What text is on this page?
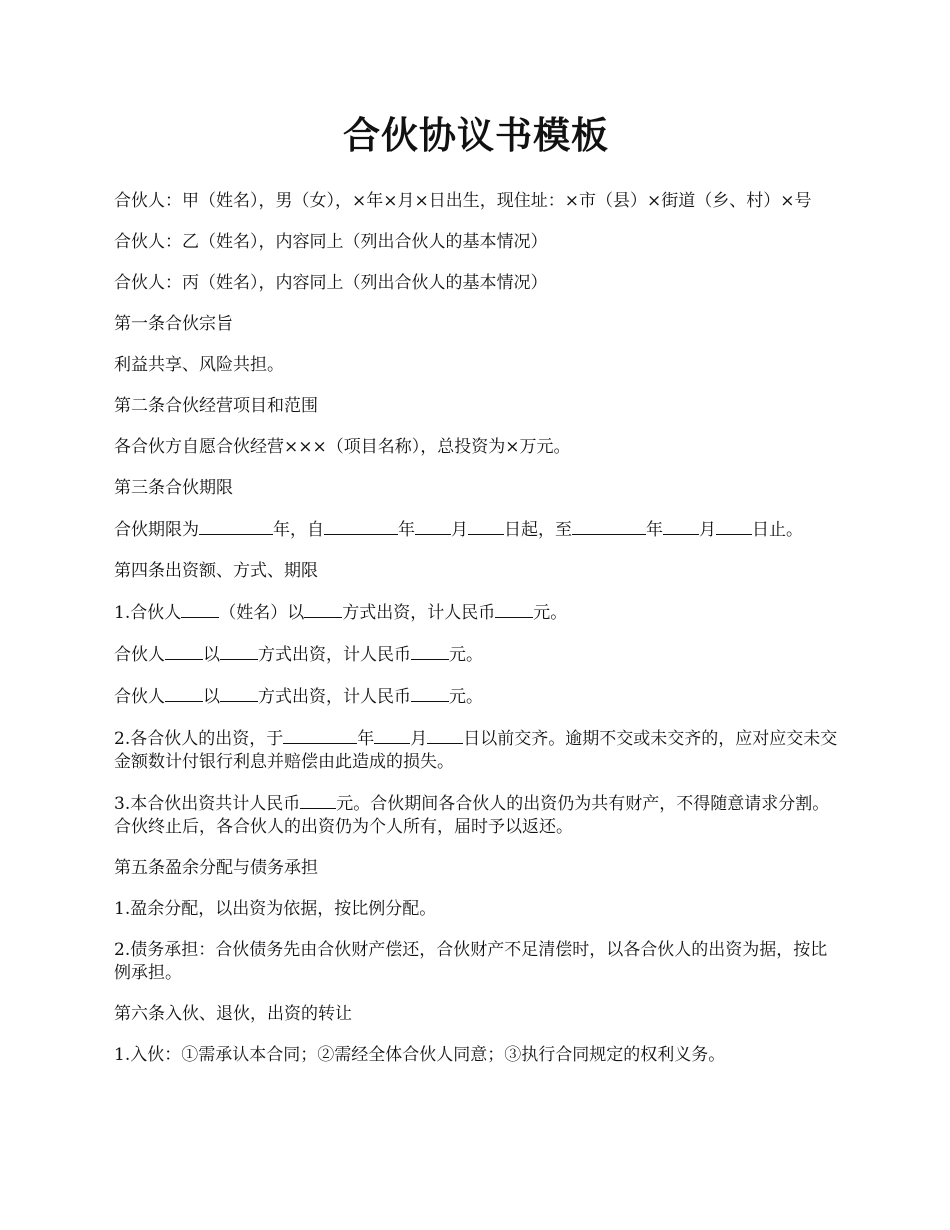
合伙协议书模板

合伙人：甲（姓名），男（女），×年×月×日出生，现住址：×市（县）×街道（乡、村）×号

合伙人：乙（姓名），内容同上（列出合伙人的基本情况）

合伙人：丙（姓名），内容同上（列出合伙人的基本情况）

第一条合伙宗旨

利益共享、风险共担。

第二条合伙经营项目和范围

各合伙方自愿合伙经营×××（项目名称），总投资为×万元。

第三条合伙期限

合伙期限为	年，自	年 月 日起，至	年 月 日止。

第四条出资额、方式、期限

1.合伙人 （姓名）以 方式出资，计人民币 元。

合伙人 以 方式出资，计人民币 元。

合伙人 以 方式出资，计人民币 元。

2.各合伙人的出资，于	年 月 日以前交齐。逾期不交或未交齐的，应对应交未交金额数计付银行利息并赔偿由此造成的损失。

3.本合伙出资共计人民币 元。合伙期间各合伙人的出资仍为共有财产，不得随意请求分割。合伙终止后，各合伙人的出资仍为个人所有，届时予以返还。

第五条盈余分配与债务承担

1.盈余分配，以出资为依据，按比例分配。

2.债务承担：合伙债务先由合伙财产偿还，合伙财产不足清偿时，以各合伙人的出资为据，按比例承担。

第六条入伙、退伙，出资的转让

1.入伙：①需承认本合同；②需经全体合伙人同意；③执行合同规定的权利义务。
